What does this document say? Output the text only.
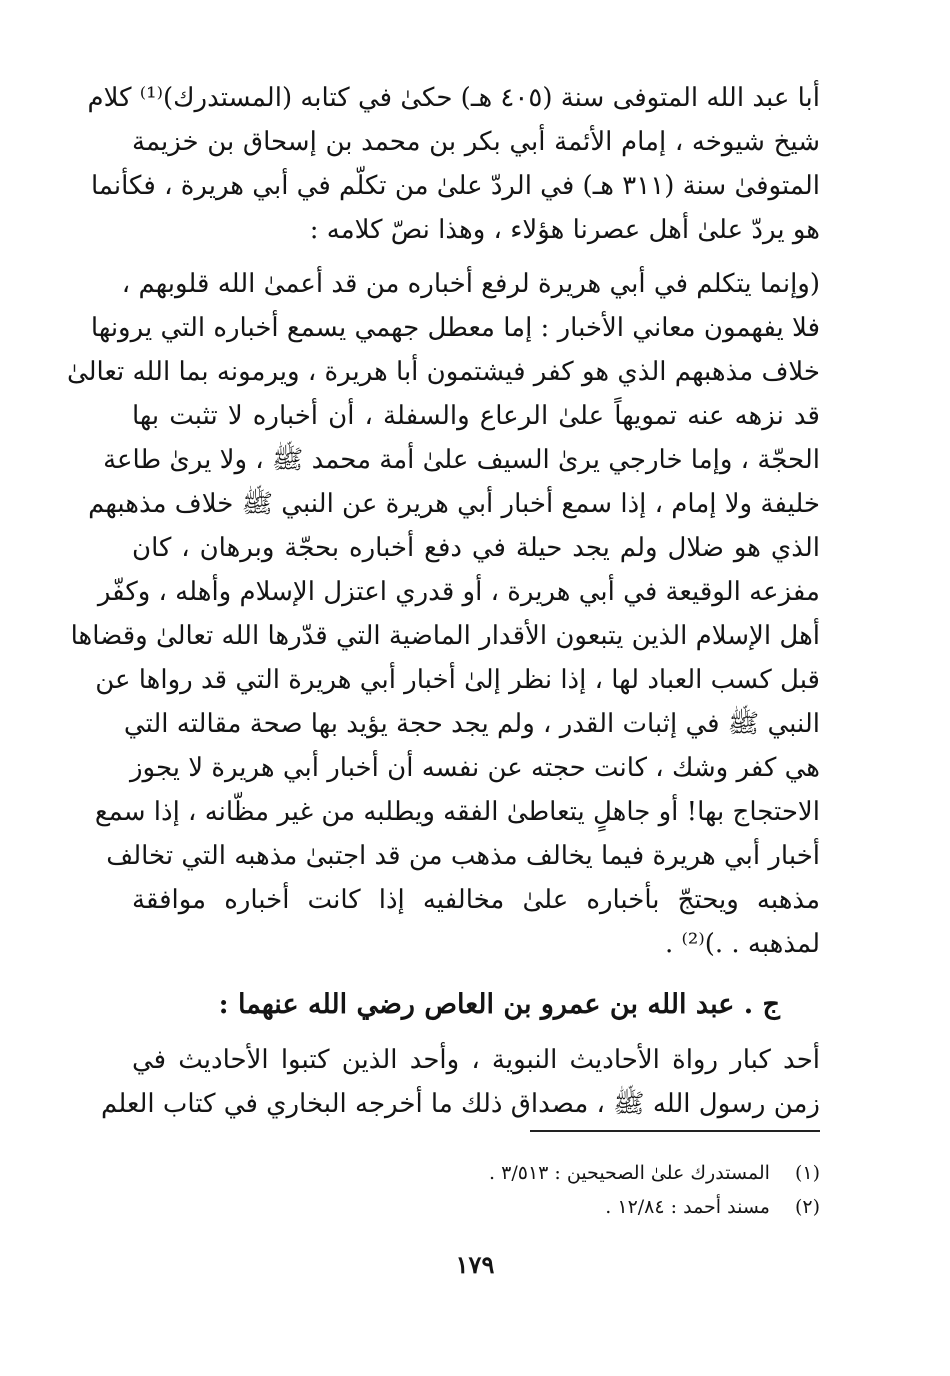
أبا عبد الله المتوفى سنة (٤٠٥ هـ) حكىٰ في كتابه (المستدرك)⁽¹⁾ كلام
شيخ شيوخه ، إمام الأئمة أبي بكر بن محمد بن إسحاق بن خزيمة
المتوفىٰ سنة (٣١١ هـ) في الردّ علىٰ من تكلّم في أبي هريرة ، فكأنما
هو يردّ علىٰ أهل عصرنا هؤلاء ، وهذا نصّ كلامه :
(وإنما يتكلم في أبي هريرة لرفع أخباره من قد أعمىٰ الله قلوبهم ،
فلا يفهمون معاني الأخبار : إما معطل جهمي يسمع أخباره التي يرونها
خلاف مذهبهم الذي هو كفر فيشتمون أبا هريرة ، ويرمونه بما الله تعالىٰ
قد نزهه عنه تمويهاً علىٰ الرعاع والسفلة ، أن أخباره لا تثبت بها
الحجّة ، وإما خارجي يرىٰ السيف علىٰ أمة محمد ﷺ ، ولا يرىٰ طاعة
خليفة ولا إمام ، إذا سمع أخبار أبي هريرة عن النبي ﷺ خلاف مذهبهم
الذي هو ضلال ولم يجد حيلة في دفع أخباره بحجّة وبرهان ، كان
مفزعه الوقيعة في أبي هريرة ، أو قدري اعتزل الإسلام وأهله ، وكفّر
أهل الإسلام الذين يتبعون الأقدار الماضية التي قدّرها الله تعالىٰ وقضاها
قبل كسب العباد لها ، إذا نظر إلىٰ أخبار أبي هريرة التي قد رواها عن
النبي ﷺ في إثبات القدر ، ولم يجد حجة يؤيد بها صحة مقالته التي
هي كفر وشك ، كانت حجته عن نفسه أن أخبار أبي هريرة لا يجوز
الاحتجاج بها! أو جاهلٍ يتعاطىٰ الفقه ويطلبه من غير مظّانه ، إذا سمع
أخبار أبي هريرة فيما يخالف مذهب من قد اجتبىٰ مذهبه التي تخالف
مذهبه ويحتجّ بأخباره علىٰ مخالفيه إذا كانت أخباره موافقة
لمذهبه . .)⁽²⁾ .
ج . عبد الله بن عمرو بن العاص رضي الله عنهما :
أحد كبار رواة الأحاديث النبوية ، وأحد الذين كتبوا الأحاديث في
زمن رسول الله ﷺ ، مصداق ذلك ما أخرجه البخاري في كتاب العلم
(١) المستدرك علىٰ الصحيحين : ٣/٥١٣ .
(٢) مسند أحمد : ١٢/٨٤ .
١٧٩
